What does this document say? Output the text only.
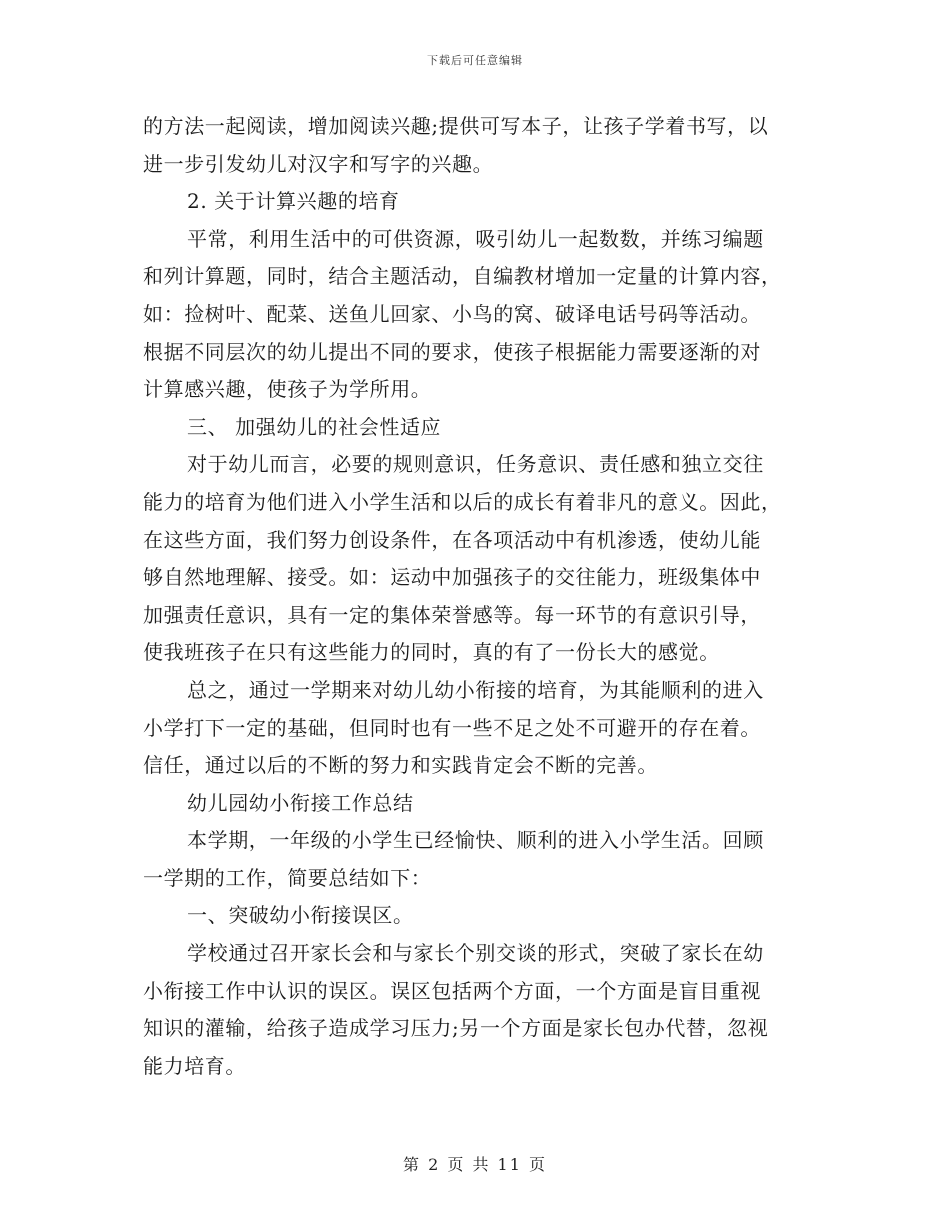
下载后可任意编辑
的方法一起阅读，增加阅读兴趣;提供可写本子，让孩子学着书写，以
进一步引发幼儿对汉字和写字的兴趣。
2. 关于计算兴趣的培育
平常，利用生活中的可供资源，吸引幼儿一起数数，并练习编题
和列计算题，同时，结合主题活动，自编教材增加一定量的计算内容，
如：捡树叶、配菜、送鱼儿回家、小鸟的窝、破译电话号码等活动。
根据不同层次的幼儿提出不同的要求，使孩子根据能力需要逐渐的对
计算感兴趣，使孩子为学所用。
三、 加强幼儿的社会性适应
对于幼儿而言，必要的规则意识，任务意识、责任感和独立交往
能力的培育为他们进入小学生活和以后的成长有着非凡的意义。因此，
在这些方面，我们努力创设条件，在各项活动中有机渗透，使幼儿能
够自然地理解、接受。如：运动中加强孩子的交往能力，班级集体中
加强责任意识，具有一定的集体荣誉感等。每一环节的有意识引导，
使我班孩子在只有这些能力的同时，真的有了一份长大的感觉。
总之，通过一学期来对幼儿幼小衔接的培育，为其能顺利的进入
小学打下一定的基础，但同时也有一些不足之处不可避开的存在着。
信任，通过以后的不断的努力和实践肯定会不断的完善。
幼儿园幼小衔接工作总结
本学期，一年级的小学生已经愉快、顺利的进入小学生活。回顾
一学期的工作，简要总结如下：
一、突破幼小衔接误区。
学校通过召开家长会和与家长个别交谈的形式，突破了家长在幼
小衔接工作中认识的误区。误区包括两个方面，一个方面是盲目重视
知识的灌输，给孩子造成学习压力;另一个方面是家长包办代替，忽视
能力培育。
第 2 页 共 11 页
